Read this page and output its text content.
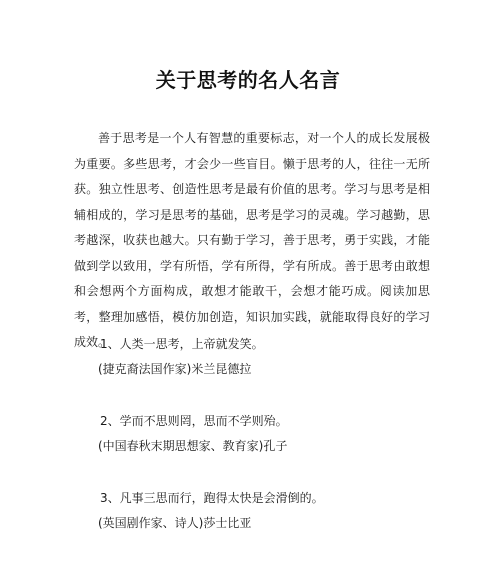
关于思考的名人名言

善于思考是一个人有智慧的重要标志，对一个人的成长发展极为重要。多些思考，才会少一些盲目。懒于思考的人，往往一无所获。独立性思考、创造性思考是最有价值的思考。学习与思考是相辅相成的，学习是思考的基础，思考是学习的灵魂。学习越勤，思考越深，收获也越大。只有勤于学习，善于思考，勇于实践，才能做到学以致用，学有所悟，学有所得，学有所成。善于思考由敢想和会想两个方面构成，敢想才能敢干，会想才能巧成。阅读加思考，整理加感悟，模仿加创造，知识加实践，就能取得良好的学习成效。

1、人类一思考，上帝就发笑。
(捷克裔法国作家)米兰昆德拉
2、学而不思则罔，思而不学则殆。
(中国春秋末期思想家、教育家)孔子
3、凡事三思而行，跑得太快是会滑倒的。
(英国剧作家、诗人)莎士比亚
